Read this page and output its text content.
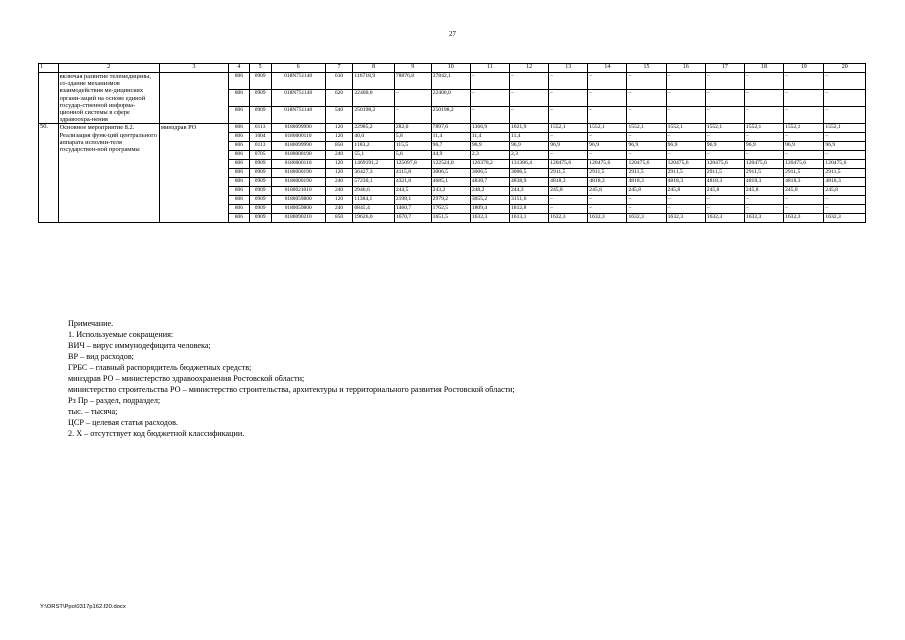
27
1	2	3	4	5	6	7	8	9	10	11	12	13	14	15	16	17	18	19	20
	включая развитие телемедицины, со-здание механизмов взаимодействия ме-дицинских органи-заций на основе единой государ-ственной информа-ционной системы в сфере здравоохра-нения		806	0909	018N751140	610	116718,9	78876,8	37842,1	–	–	–	–	–	–	–	–	–	–
			806	0909	018N751140	620	22400,0	–	22400,0	–	–	–	–	–	–	–	–	–	–
			806	0909	018N751140	540	250198,2	–	250198,2	–	–	–	–	–	–	–	–	–	–
50.	Основное мероприятие 8.2. Реализация функ-ций центрального аппарата исполни-теля государствен-ной программы	минздрав РО	806	0113	0180099990	120	22985,2	282,0	7897,6	1366,9	1021,9	1552,1	1552,1	1552,1	1552,1	1552,1	1552,1	1552,1	1552,1
			806	1004	0180000110	120	40,0	5,8	11,4	11,4	11,4	–	–	–	–	–	–	–	–
			806	0113	0180099990	850	1183,2	115,5	96,7	96,9	96,9	96,9	96,9	96,9	96,9	96,9	96,9	96,9	96,9
			806	0705	0180000190	240	55,1	5,6	44,9	2,3	2,3	–	–	–	–	–	–	–	–
			806	0909	0180000110	120	1469191,2	125097,8	122524,0	126378,2	131386,4	120475,6	120475,6	120475,6	120475,6	120475,6	120475,6	120475,6	120475,6
			806	0909	0180000190	120	36427,3	4115,8	3006,5	3006,5	3006,5	2911,5	2911,5	2911,5	2911,5	2911,5	2911,5	2911,5	2911,5
			806	0909	0180000190	240	57230,1	4321,0	4685,1	4838,7	4838,9	4818,3	4818,3	4818,3	4818,3	4818,3	4818,3	4818,3	4818,3
			806	0909	0180021010	240	2946,6	244,5	243,2	248,2	244,3	245,8	245,8	245,8	245,8	245,8	245,8	245,8	245,8
			806	0909	0180059800	120	11384,1	2198,1	2979,2	3055,2	3151,6	–	–	–	–	–	–	–	–
			806	0909	0180059800	240	6845,4	1460,7	1762,5	1809,4	1812,8	–	–	–	–	–	–	–	–
			806	0909	0180090210	850	19626,0	1670,7	1651,5	1632,3	1613,1	1632,3	1632,3	1632,3	1632,3	1632,3	1632,3	1632,3	1632,3
Примечание.
1. Используемые сокращения:
ВИЧ – вирус иммунодефицита человека;
ВР – вид расходов;
ГРБС – главный распорядитель бюджетных средств;
минздрав РО – министерство здравоохранения Ростовской области;
министерство строительства РО – министерство строительства, архитектуры и территориального развития Ростовской области;
Рз Пр – раздел, подраздел;
тыс. – тысяча;
ЦСР – целевая статья расходов.
2. Х – отсутствует код бюджетной классификации.
Y:\ORST\Ppo\0317p162.f20.docx
